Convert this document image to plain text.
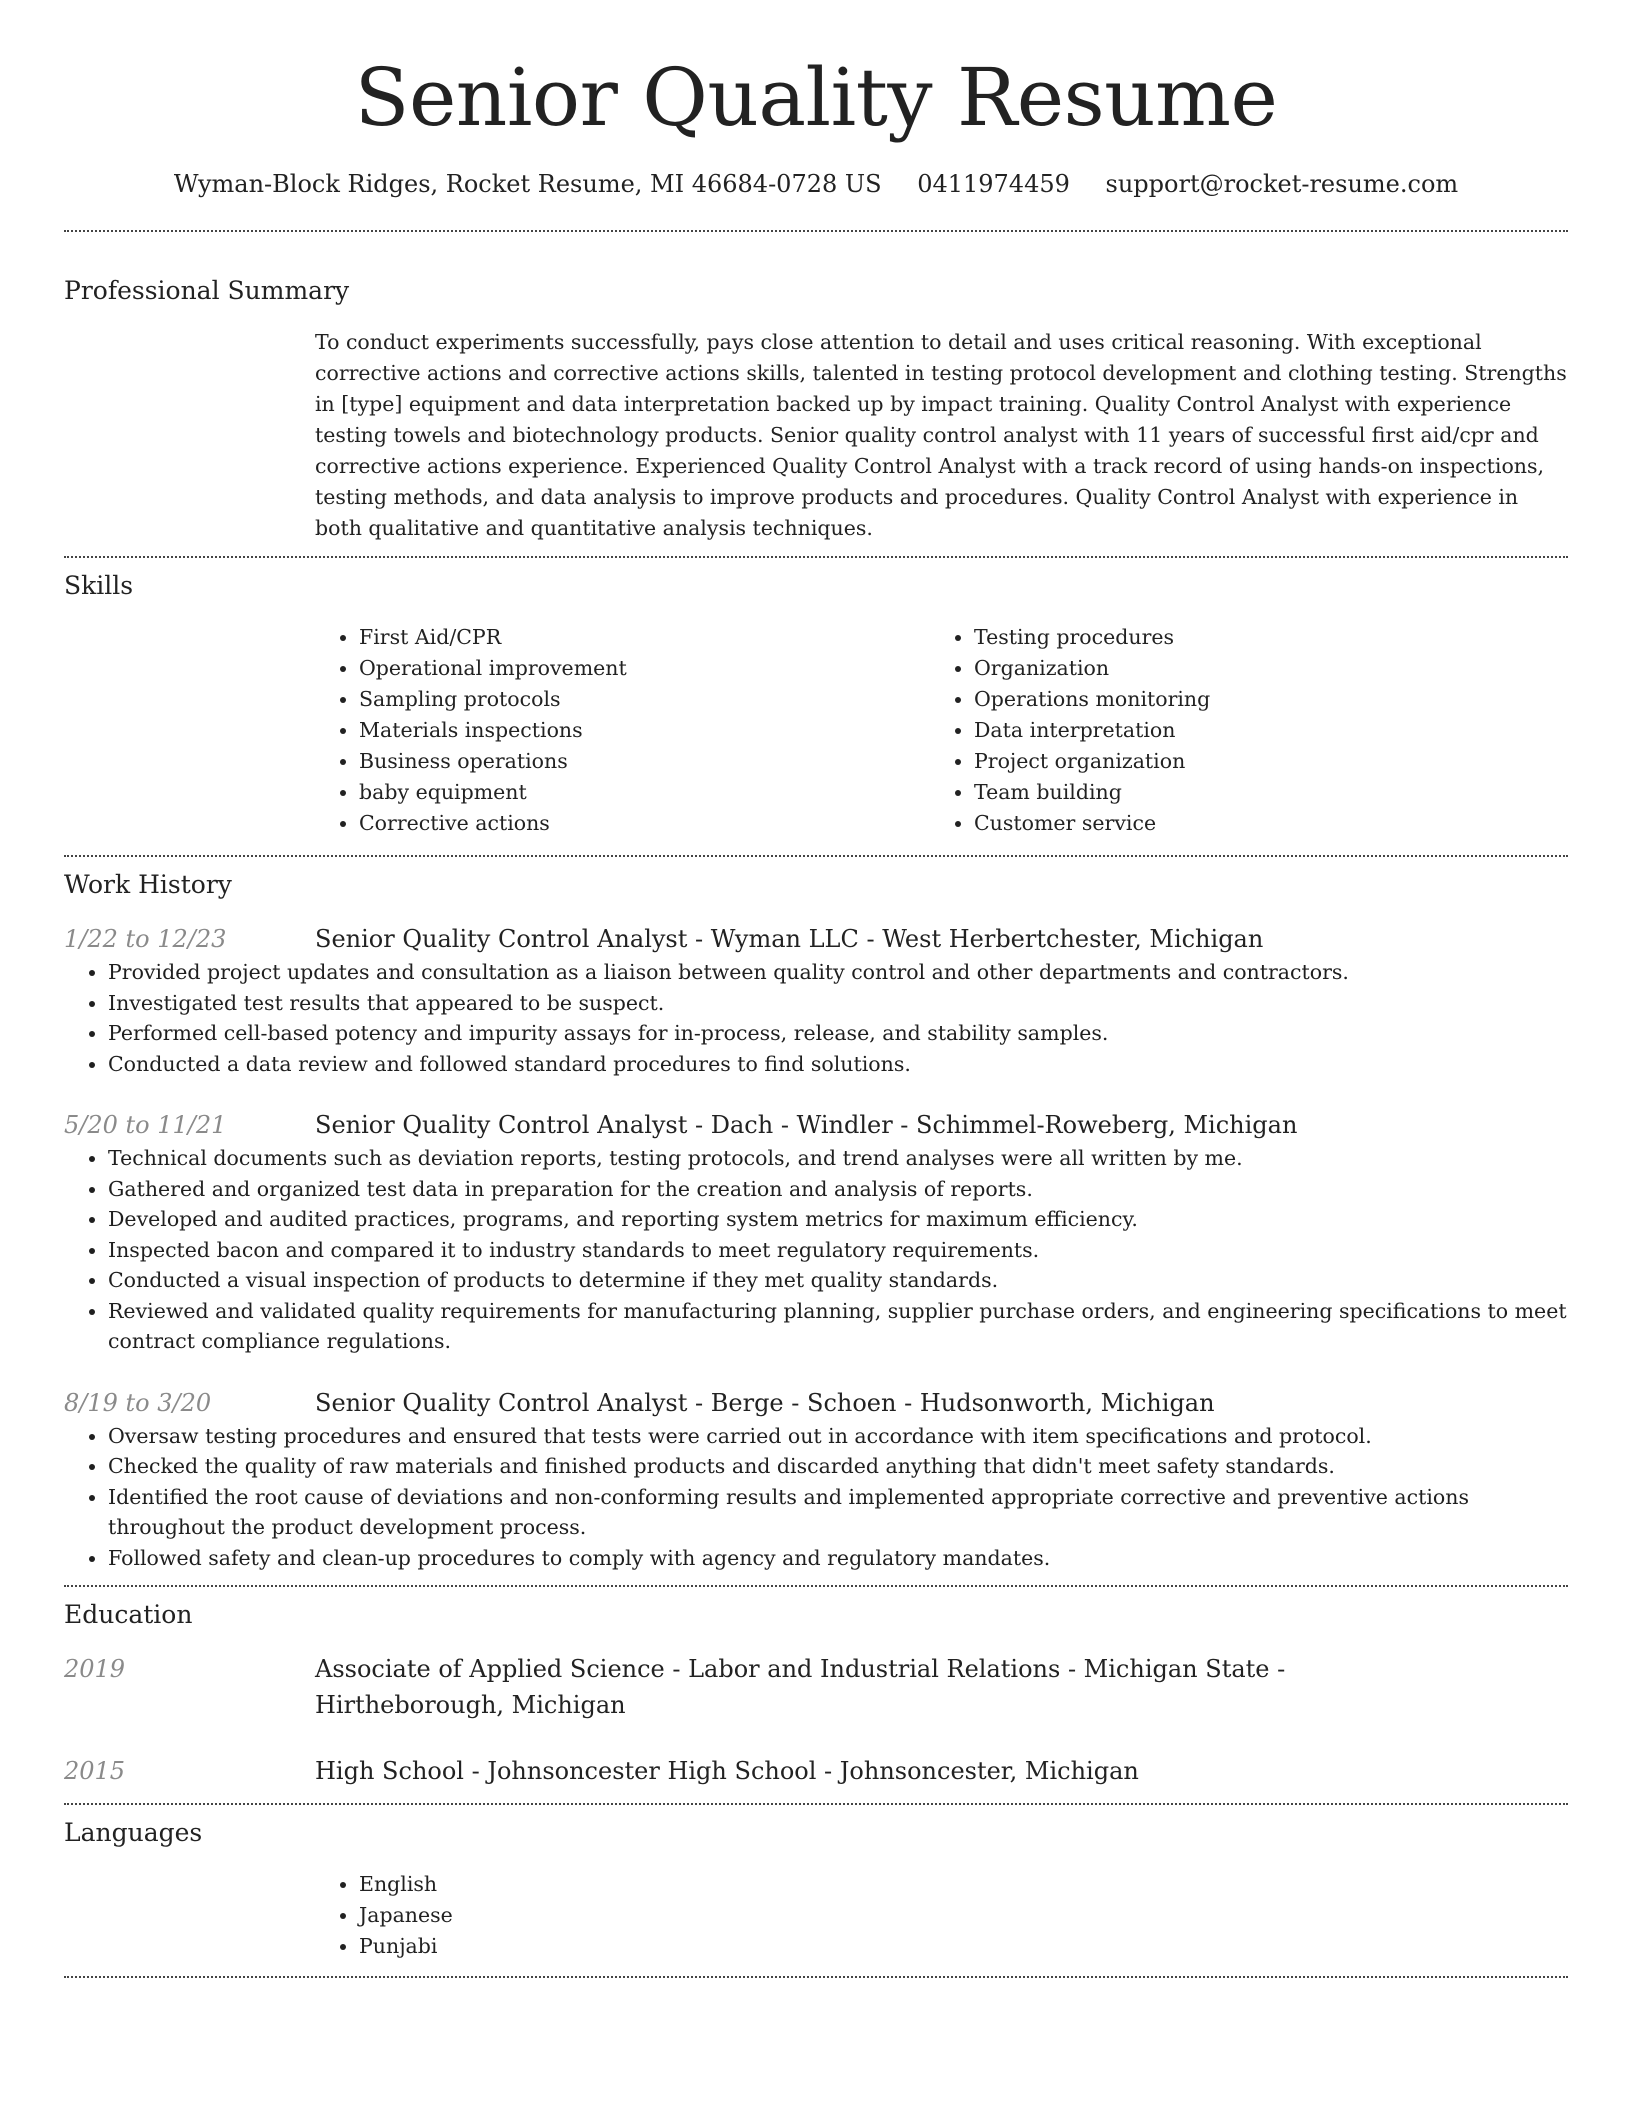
Senior Quality Resume
Wyman-Block Ridges, Rocket Resume, MI 46684-0728 US 0411974459 support@rocket-resume.com
Professional Summary
To conduct experiments successfully, pays close attention to detail and uses critical reasoning. With exceptional corrective actions and corrective actions skills, talented in testing protocol development and clothing testing. Strengths in [type] equipment and data interpretation backed up by impact training. Quality Control Analyst with experience testing towels and biotechnology products. Senior quality control analyst with 11 years of successful first aid/cpr and corrective actions experience. Experienced Quality Control Analyst with a track record of using hands-on inspections, testing methods, and data analysis to improve products and procedures. Quality Control Analyst with experience in both qualitative and quantitative analysis techniques.
Skills
• First Aid/CPR
• Operational improvement
• Sampling protocols
• Materials inspections
• Business operations
• baby equipment
• Corrective actions
• Testing procedures
• Organization
• Operations monitoring
• Data interpretation
• Project organization
• Team building
• Customer service
Work History
1/22 to 12/23	Senior Quality Control Analyst - Wyman LLC - West Herbertchester, Michigan
• Provided project updates and consultation as a liaison between quality control and other departments and contractors.
• Investigated test results that appeared to be suspect.
• Performed cell-based potency and impurity assays for in-process, release, and stability samples.
• Conducted a data review and followed standard procedures to find solutions.
5/20 to 11/21	Senior Quality Control Analyst - Dach - Windler - Schimmel-Roweberg, Michigan
• Technical documents such as deviation reports, testing protocols, and trend analyses were all written by me.
• Gathered and organized test data in preparation for the creation and analysis of reports.
• Developed and audited practices, programs, and reporting system metrics for maximum efficiency.
• Inspected bacon and compared it to industry standards to meet regulatory requirements.
• Conducted a visual inspection of products to determine if they met quality standards.
• Reviewed and validated quality requirements for manufacturing planning, supplier purchase orders, and engineering specifications to meet contract compliance regulations.
8/19 to 3/20	Senior Quality Control Analyst - Berge - Schoen - Hudsonworth, Michigan
• Oversaw testing procedures and ensured that tests were carried out in accordance with item specifications and protocol.
• Checked the quality of raw materials and finished products and discarded anything that didn't meet safety standards.
• Identified the root cause of deviations and non-conforming results and implemented appropriate corrective and preventive actions throughout the product development process.
• Followed safety and clean-up procedures to comply with agency and regulatory mandates.
Education
2019	Associate of Applied Science - Labor and Industrial Relations - Michigan State - Hirtheborough, Michigan
2015	High School - Johnsoncester High School - Johnsoncester, Michigan
Languages
• English
• Japanese
• Punjabi
